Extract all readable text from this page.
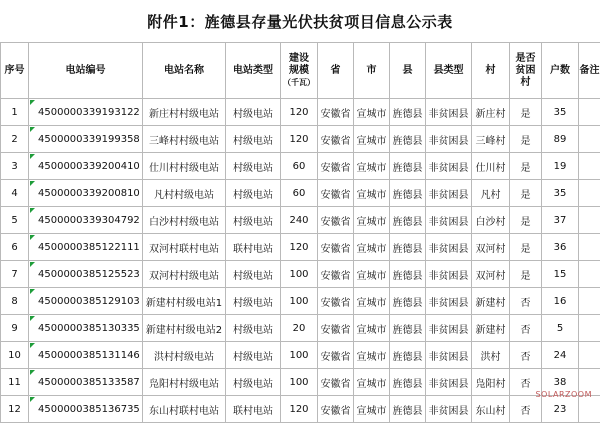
附件1：旌德县存量光伏扶贫项目信息公示表
序号	电站编号	电站名称	电站类型	建设
规模
（千瓦）	省	市	县	县类型	村	是否
贫困
村	户数	备注
1	4500000339193122	新庄村村级电站	村级电站	120	安徽省	宣城市	旌德县	非贫困县	新庄村	是	35	
2	4500000339199358	三峰村村级电站	村级电站	120	安徽省	宣城市	旌德县	非贫困县	三峰村	是	89	
3	4500000339200410	仕川村村级电站	村级电站	60	安徽省	宣城市	旌德县	非贫困县	仕川村	是	19	
4	4500000339200810	凡村村级电站	村级电站	60	安徽省	宣城市	旌德县	非贫困县	凡村	是	35	
5	4500000339304792	白沙村村级电站	村级电站	240	安徽省	宣城市	旌德县	非贫困县	白沙村	是	37	
6	4500000385122111	双河村联村电站	联村电站	120	安徽省	宣城市	旌德县	非贫困县	双河村	是	36	
7	4500000385125523	双河村村级电站	村级电站	100	安徽省	宣城市	旌德县	非贫困县	双河村	是	15	
8	4500000385129103	新建村村级电站1	村级电站	100	安徽省	宣城市	旌德县	非贫困县	新建村	否	16	
9	4500000385130335	新建村村级电站2	村级电站	20	安徽省	宣城市	旌德县	非贫困县	新建村	否	5	
10	4500000385131146	洪村村级电站	村级电站	100	安徽省	宣城市	旌德县	非贫困县	洪村	否	24	
11	4500000385133587	凫阳村村级电站	村级电站	100	安徽省	宣城市	旌德县	非贫困县	凫阳村	否	38	
12	4500000385136735	东山村联村电站	联村电站	120	安徽省	宣城市	旌德县	非贫困县	东山村	否	23	
SOLARZOOM
